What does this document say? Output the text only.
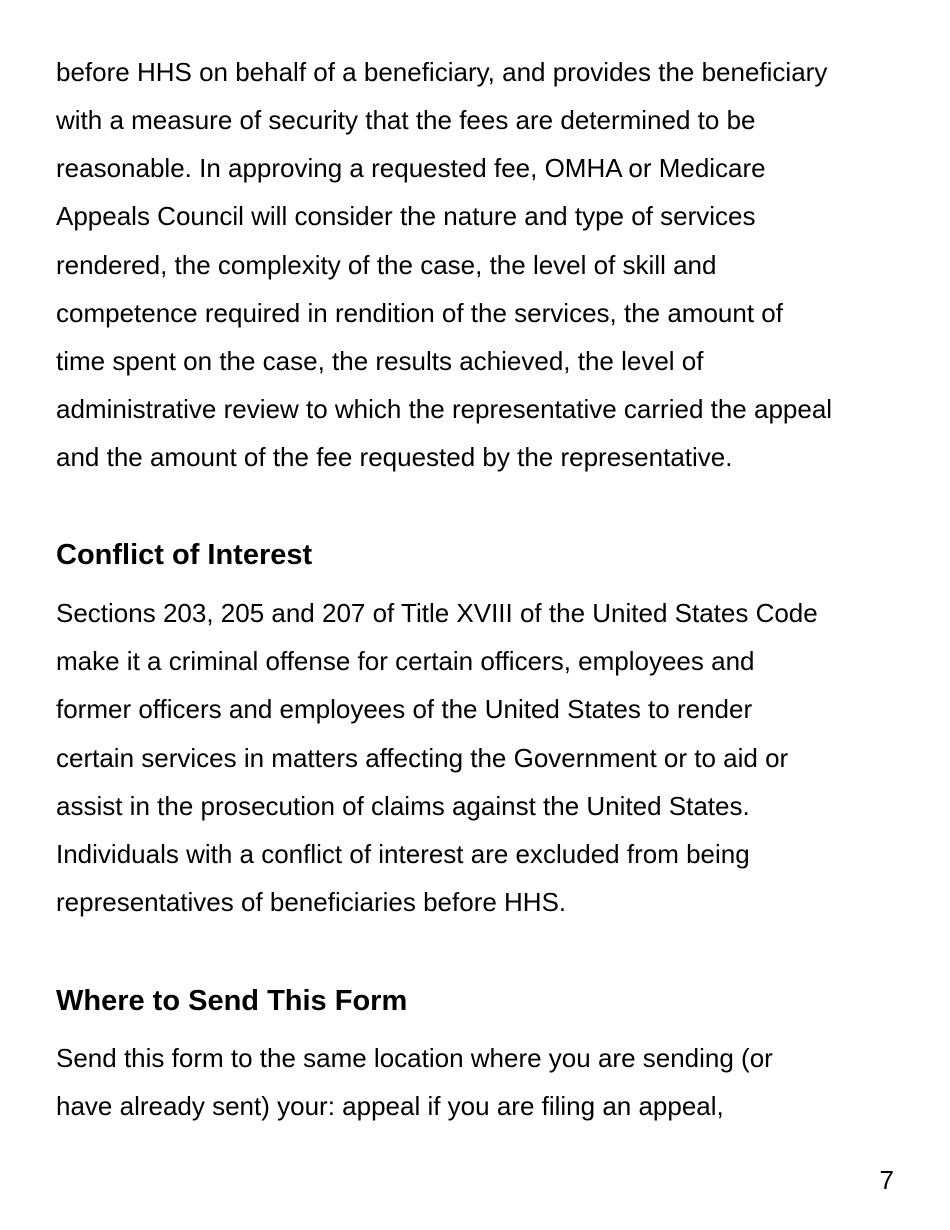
before HHS on behalf of a beneficiary, and provides the beneficiary

with a measure of security that the fees are determined to be

reasonable. In approving a requested fee, OMHA or Medicare

Appeals Council will consider the nature and type of services

rendered, the complexity of the case, the level of skill and

competence required in rendition of the services, the amount of

time spent on the case, the results achieved, the level of

administrative review to which the representative carried the appeal

and the amount of the fee requested by the representative.

Conflict of Interest

Sections 203, 205 and 207 of Title XVIII of the United States Code

make it a criminal offense for certain officers, employees and

former officers and employees of the United States to render

certain services in matters affecting the Government or to aid or

assist in the prosecution of claims against the United States.

Individuals with a conflict of interest are excluded from being

representatives of beneficiaries before HHS.

Where to Send This Form

Send this form to the same location where you are sending (or

have already sent) your: appeal if you are filing an appeal,

7
